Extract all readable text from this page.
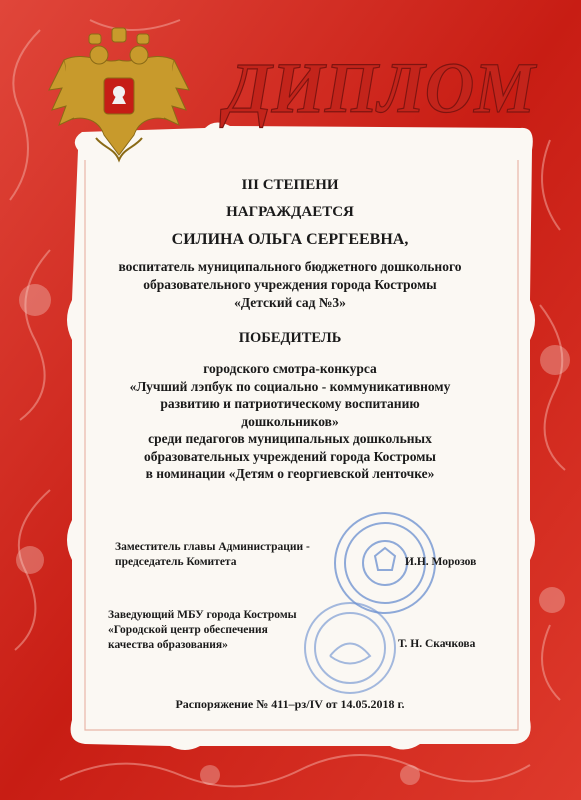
ДИПЛОМ
III СТЕПЕНИ
НАГРАЖДАЕТСЯ
СИЛИНА ОЛЬГА СЕРГЕЕВНА,
воспитатель муниципального бюджетного дошкольного
образовательного учреждения города Костромы
«Детский сад №3»
ПОБЕДИТЕЛЬ
городского смотра-конкурса
«Лучший лэпбук по социально - коммуникативному
развитию и патриотическому воспитанию
дошкольников»
среди педагогов муниципальных дошкольных
образовательных учреждений города Костромы
в номинации «Детям о георгиевской ленточке»
Заместитель главы Администрации -
председатель Комитета	И.Н. Морозов
Заведующий МБУ города Костромы
«Городской центр обеспечения
качества образования»	Т. Н. Скачкова
Распоряжение № 411–рз/IV от 14.05.2018 г.
